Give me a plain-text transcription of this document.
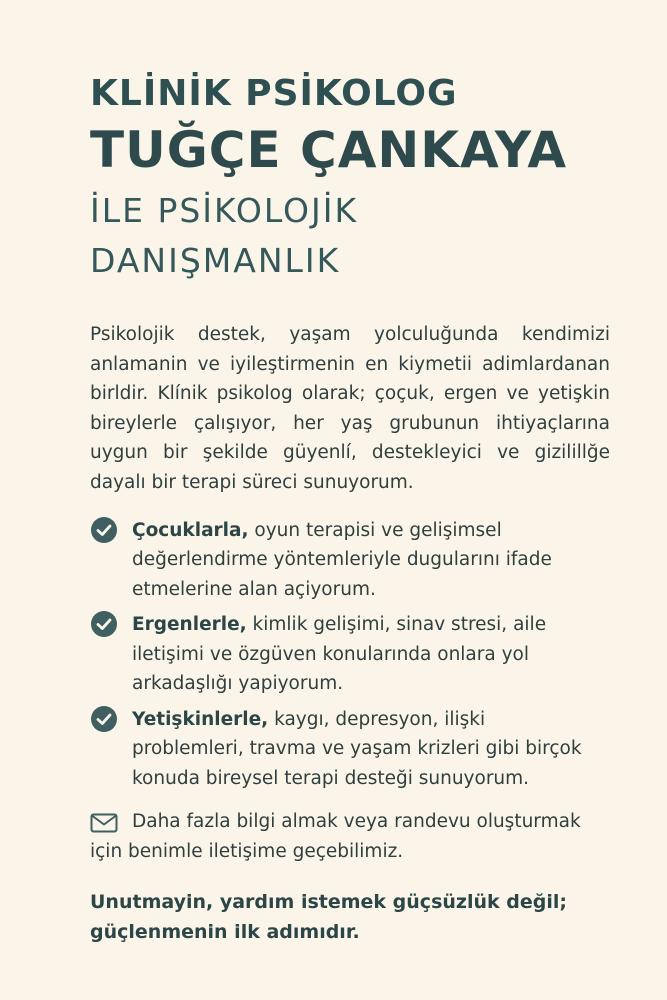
KLİNİK PSİKOLOG
TUĞÇE ÇANKAYA
İLE PSİKOLOJİK
DANIŞMANLIK

Psikolojik destek, yaşam yolculuğunda kendimizi anlamanin ve iyileştirmenin en kiymetii adimlardanan birldir. Klínik psikolog olarak; çoçuk, ergen ve yetişkin bireylerle çalışıyor, her yaş grubunun ihtiyaçlarına uygun bir şekilde güyenlí, destekleyici ve gizilillğe dayalı bir terapi süreci sunuyorum.

Çocuklarla, oyun terapisi ve gelişimsel değerlendirme yöntemleriyle dugularını ifade etmelerine alan açiyorum.
Ergenlerle, kimlik gelişimi, sinav stresi, aile iletişimi ve özgüven konularında onlara yol arkadaşlığı yapiyorum.
Yetişkinlerle, kaygı, depresyon, ilişki problemleri, travma ve yaşam krizleri gibi birçok konuda bireysel terapi desteği sunuyorum.
Daha fazla bilgi almak veya randevu oluşturmak için benimle iletişime geçebilimiz.

Unutmayin, yardım istemek güçsüzlük değil; güçlenmenin ilk adımıdır.
